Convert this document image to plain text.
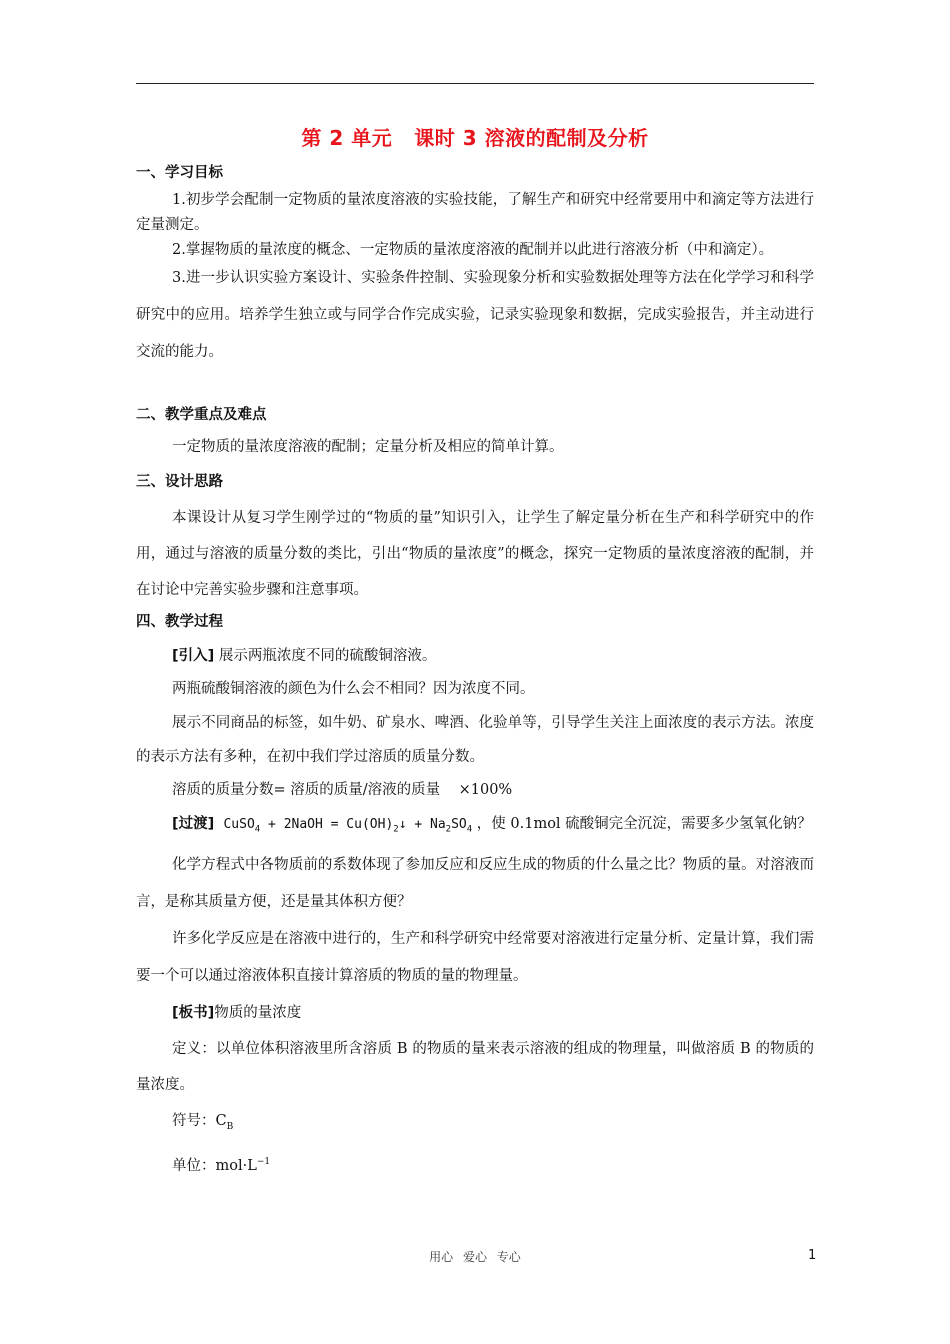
第 2 单元 课时 3 溶液的配制及分析
一、学习目标

1.初步学会配制一定物质的量浓度溶液的实验技能，了解生产和研究中经常要用中和滴定等方法进行定量测定。

2.掌握物质的量浓度的概念、一定物质的量浓度溶液的配制并以此进行溶液分析（中和滴定）。

3.进一步认识实验方案设计、实验条件控制、实验现象分析和实验数据处理等方法在化学学习和科学研究中的应用。培养学生独立或与同学合作完成实验，记录实验现象和数据，完成实验报告，并主动进行交流的能力。

二、教学重点及难点

一定物质的量浓度溶液的配制；定量分析及相应的简单计算。

三、设计思路

本课设计从复习学生刚学过的“物质的量”知识引入，让学生了解定量分析在生产和科学研究中的作用，通过与溶液的质量分数的类比，引出“物质的量浓度”的概念，探究一定物质的量浓度溶液的配制，并在讨论中完善实验步骤和注意事项。

四、教学过程

[引入] 展示两瓶浓度不同的硫酸铜溶液。

两瓶硫酸铜溶液的颜色为什么会不相同？因为浓度不同。

展示不同商品的标签，如牛奶、矿泉水、啤酒、化验单等，引导学生关注上面浓度的表示方法。浓度的表示方法有多种，在初中我们学过溶质的质量分数。

溶质的质量分数= 溶质的质量/溶液的质量 ×100%

[过渡] CuSO$_4$ + 2NaOH = $Cu(OH)_2↓ + Na_2SO_4$ ，使 0.1mol 硫酸铜完全沉淀，需要多少氢氧化钠？

化学方程式中各物质前的系数体现了参加反应和反应生成的物质的什么量之比？物质的量。对溶液而言，是称其质量方便，还是量其体积方便？

许多化学反应是在溶液中进行的，生产和科学研究中经常要对溶液进行定量分析、定量计算，我们需要一个可以通过溶液体积直接计算溶质的物质的量的物理量。

[板书]物质的量浓度

定义：以单位体积溶液里所含溶质 B 的物质的量来表示溶液的组成的物理量，叫做溶质 B 的物质的量浓度。

符号：$C_B$

单位：$mol\cdot L^{-1}$

用心 爱心 专心	1
